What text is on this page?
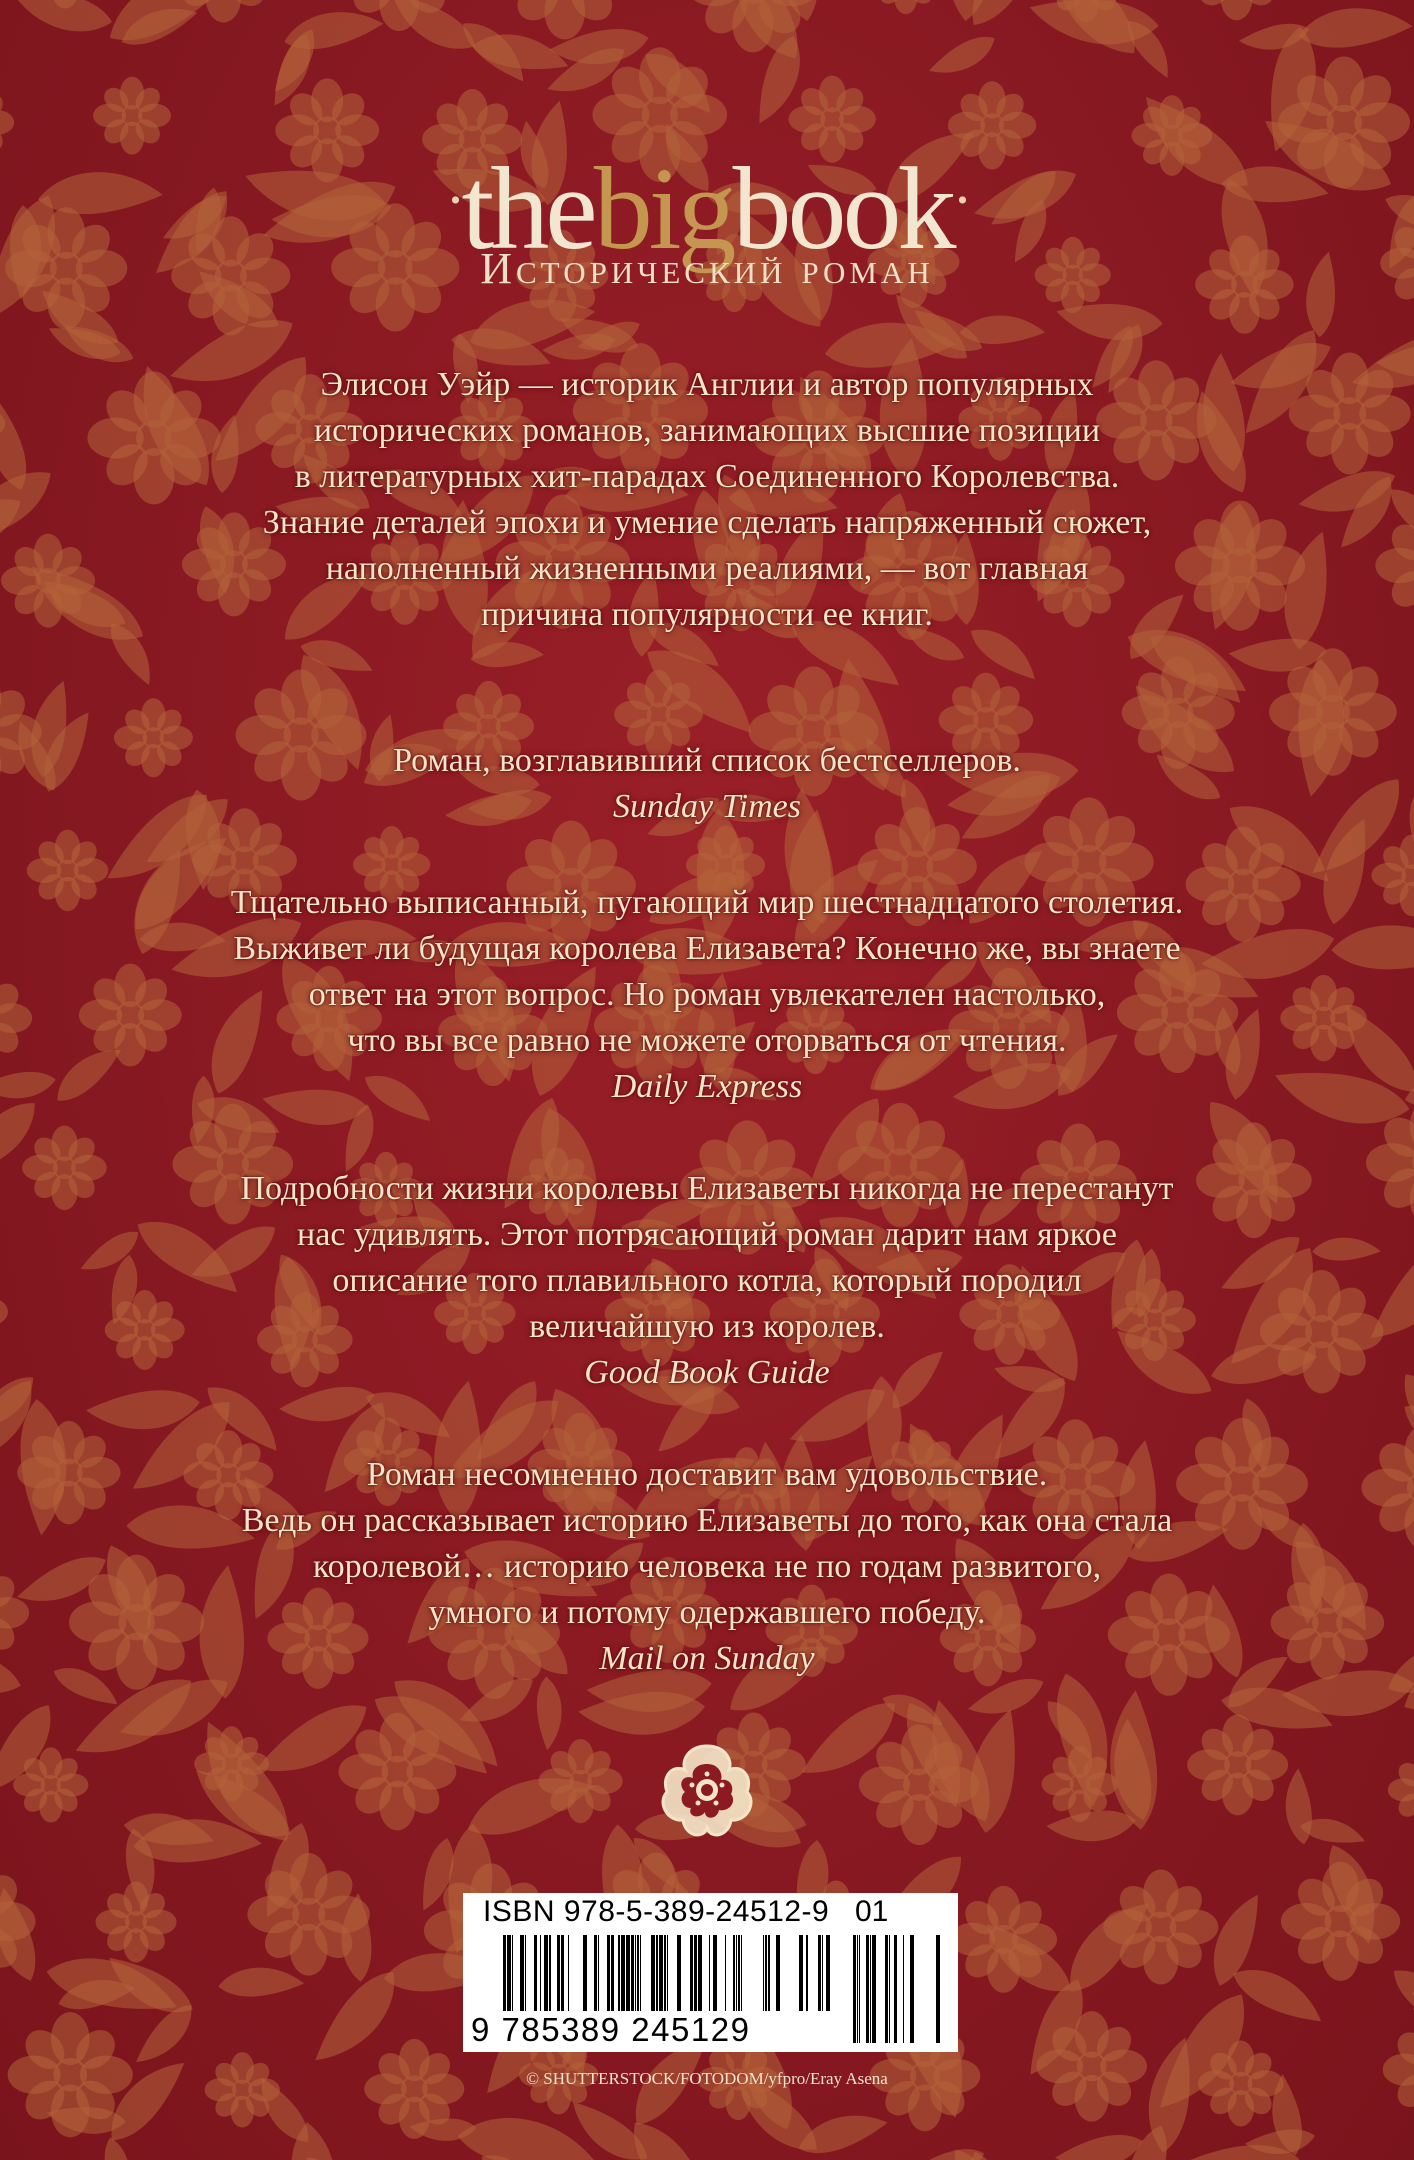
·thebigbook·
Исторический роман
Элисон Уэйр — историк Англии и автор популярных
исторических романов, занимающих высшие позиции
в литературных хит-парадах Соединенного Королевства.
Знание деталей эпохи и умение сделать напряженный сюжет,
наполненный жизненными реалиями, — вот главная
причина популярности ее книг.
Роман, возглавивший список бестселлеров.
Sunday Times
Тщательно выписанный, пугающий мир шестнадцатого столетия.
Выживет ли будущая королева Елизавета? Конечно же, вы знаете
ответ на этот вопрос. Но роман увлекателен настолько,
что вы все равно не можете оторваться от чтения.
Daily Express
Подробности жизни королевы Елизаветы никогда не перестанут
нас удивлять. Этот потрясающий роман дарит нам яркое
описание того плавильного котла, который породил
величайшую из королев.
Good Book Guide
Роман несомненно доставит вам удовольствие.
Ведь он рассказывает историю Елизаветы до того, как она стала
королевой… историю человека не по годам развитого,
умного и потому одержавшего победу.
Mail on Sunday
ISBN 978-5-389-24512-9 01
9 785389 245129
© SHUTTERSTOCK/FOTODOM/yfpro/Eray Asena
